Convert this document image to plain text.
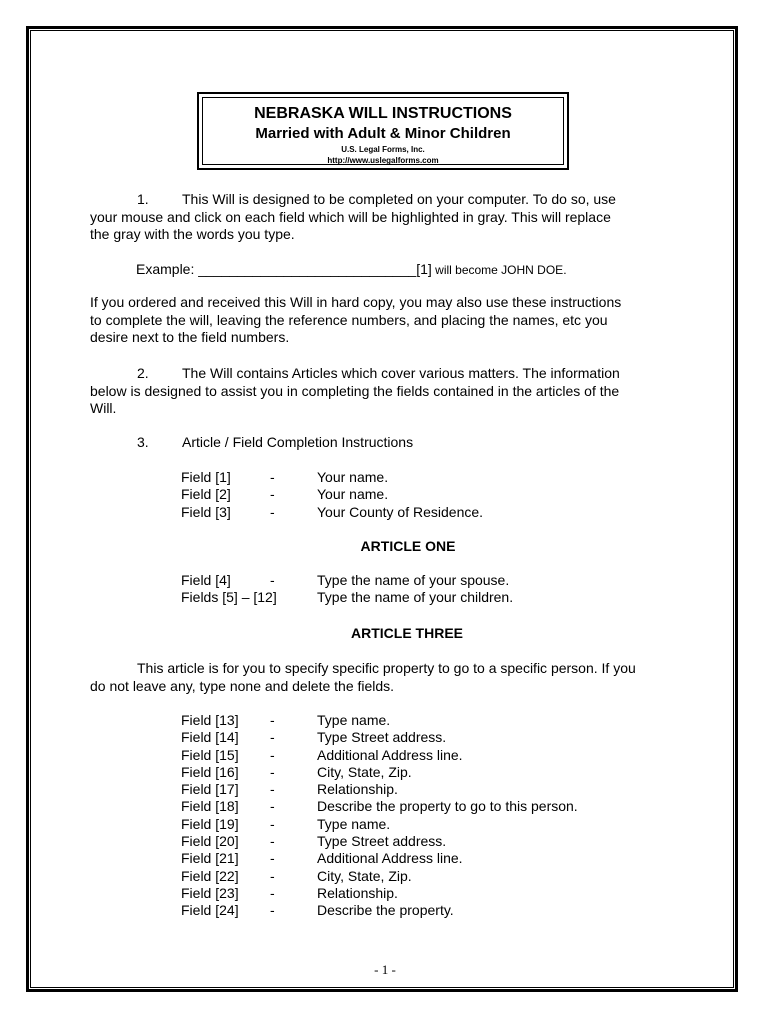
NEBRASKA WILL INSTRUCTIONS
Married with Adult & Minor Children
U.S. Legal Forms, Inc.
http://www.uslegalforms.com
1. This Will is designed to be completed on your computer. To do so, use
your mouse and click on each field which will be highlighted in gray. This will replace
the gray with the words you type.
Example: ____________________________[1] will become JOHN DOE.
If you ordered and received this Will in hard copy, you may also use these instructions
to complete the will, leaving the reference numbers, and placing the names, etc you
desire next to the field numbers.
2. The Will contains Articles which cover various matters. The information
below is designed to assist you in completing the fields contained in the articles of the
Will.
3. Article / Field Completion Instructions
Field [1]	-	Your name.
Field [2]	-	Your name.
Field [3]	-	Your County of Residence.
ARTICLE ONE
Field [4]	-	Type the name of your spouse.
Fields [5] – [12]	Type the name of your children.
ARTICLE THREE
This article is for you to specify specific property to go to a specific person. If you
do not leave any, type none and delete the fields.
Field [13] -	Type name.
Field [14] -	Type Street address.
Field [15] -	Additional Address line.
Field [16] -	City, State, Zip.
Field [17] -	Relationship.
Field [18] -	Describe the property to go to this person.
Field [19] -	Type name.
Field [20] -	Type Street address.
Field [21] -	Additional Address line.
Field [22] -	City, State, Zip.
Field [23] -	Relationship.
Field [24] -	Describe the property.
- 1 -
